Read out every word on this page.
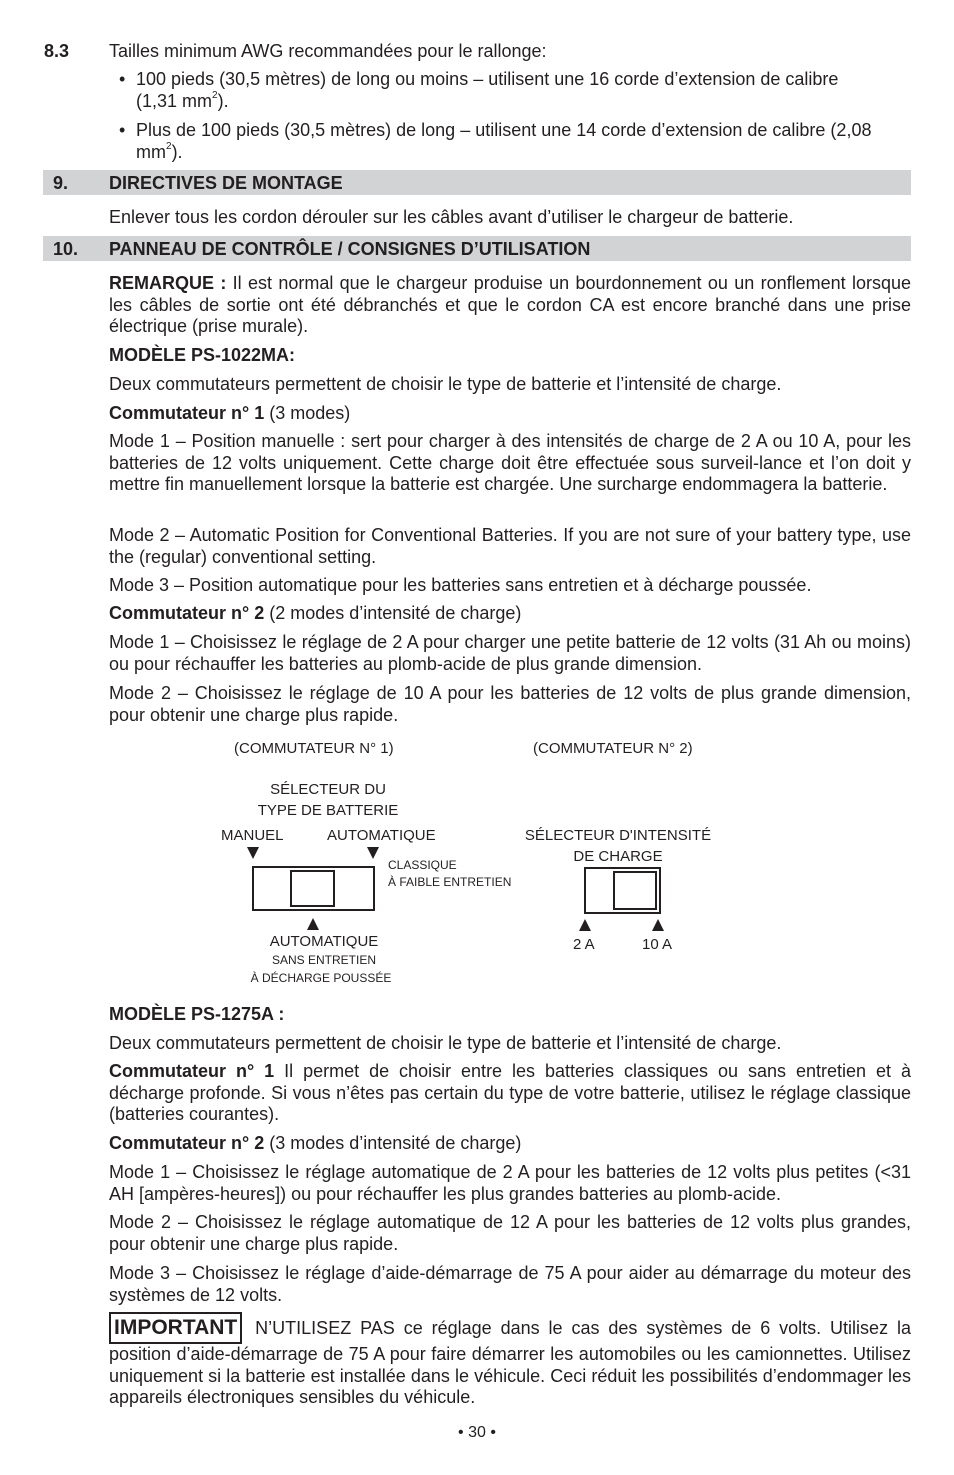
8.3 Tailles minimum AWG recommandées pour le rallonge:
• 100 pieds (30,5 mètres) de long ou moins – utilisent une 16 corde d’extension de calibre (1,31 $mm^2$).
• Plus de 100 pieds (30,5 mètres) de long – utilisent une 14 corde d’extension de calibre (2,08 $mm^2$).
9. DIRECTIVES DE MONTAGE
Enlever tous les cordon dérouler sur les câbles avant d’utiliser le chargeur de batterie.
10. PANNEAU DE CONTRÔLE / CONSIGNES D’UTILISATION
REMARQUE : Il est normal que le chargeur produise un bourdonnement ou un ronflement lorsque les câbles de sortie ont été débranchés et que le cordon CA est encore branché dans une prise électrique (prise murale).
MODÈLE PS-1022MA:
Deux commutateurs permettent de choisir le type de batterie et l’intensité de charge.
Commutateur n° 1 (3 modes)
Mode 1 – Position manuelle : sert pour charger à des intensités de charge de 2 A ou 10 A, pour les batteries de 12 volts uniquement. Cette charge doit être effectuée sous surveil-lance et l’on doit y mettre fin manuellement lorsque la batterie est chargée. Une surcharge endommagera la batterie.
Mode 2 – Automatic Position for Conventional Batteries. If you are not sure of your battery type, use the (regular) conventional setting.
Mode 3 – Position automatique pour les batteries sans entretien et à décharge poussée.
Commutateur n° 2 (2 modes d’intensité de charge)
Mode 1 – Choisissez le réglage de 2 A pour charger une petite batterie de 12 volts (31 Ah ou moins) ou pour réchauffer les batteries au plomb-acide de plus grande dimension.
Mode 2 – Choisissez le réglage de 10 A pour les batteries de 12 volts de plus grande dimension, pour obtenir une charge plus rapide.
(COMMUTATEUR N° 1)	(COMMUTATEUR N° 2)
SÉLECTEUR DU
TYPE DE BATTERIE
MANUEL	AUTOMATIQUE
CLASSIQUE
À FAIBLE ENTRETIEN
AUTOMATIQUE
SANS ENTRETIEN
À DÉCHARGE POUSSÉE
SÉLECTEUR D'INTENSITÉ
DE CHARGE
2 A	10 A
MODÈLE PS-1275A :
Deux commutateurs permettent de choisir le type de batterie et l’intensité de charge.
Commutateur n° 1 Il permet de choisir entre les batteries classiques ou sans entretien et à décharge profonde. Si vous n’êtes pas certain du type de votre batterie, utilisez le réglage classique (batteries courantes).
Commutateur n° 2 (3 modes d’intensité de charge)
Mode 1 – Choisissez le réglage automatique de 2 A pour les batteries de 12 volts plus petites (<31 AH [ampères-heures]) ou pour réchauffer les plus grandes batteries au plomb-acide.
Mode 2 – Choisissez le réglage automatique de 12 A pour les batteries de 12 volts plus grandes, pour obtenir une charge plus rapide.
Mode 3 – Choisissez le réglage d’aide-démarrage de 75 A pour aider au démarrage du moteur des systèmes de 12 volts.
IMPORTANT N’UTILISEZ PAS ce réglage dans le cas des systèmes de 6 volts. Utilisez la position d’aide-démarrage de 75 A pour faire démarrer les automobiles ou les camionnettes. Utilisez uniquement si la batterie est installée dans le véhicule. Ceci réduit les possibilités d’endommager les appareils électroniques sensibles du véhicule.
• 30 •
